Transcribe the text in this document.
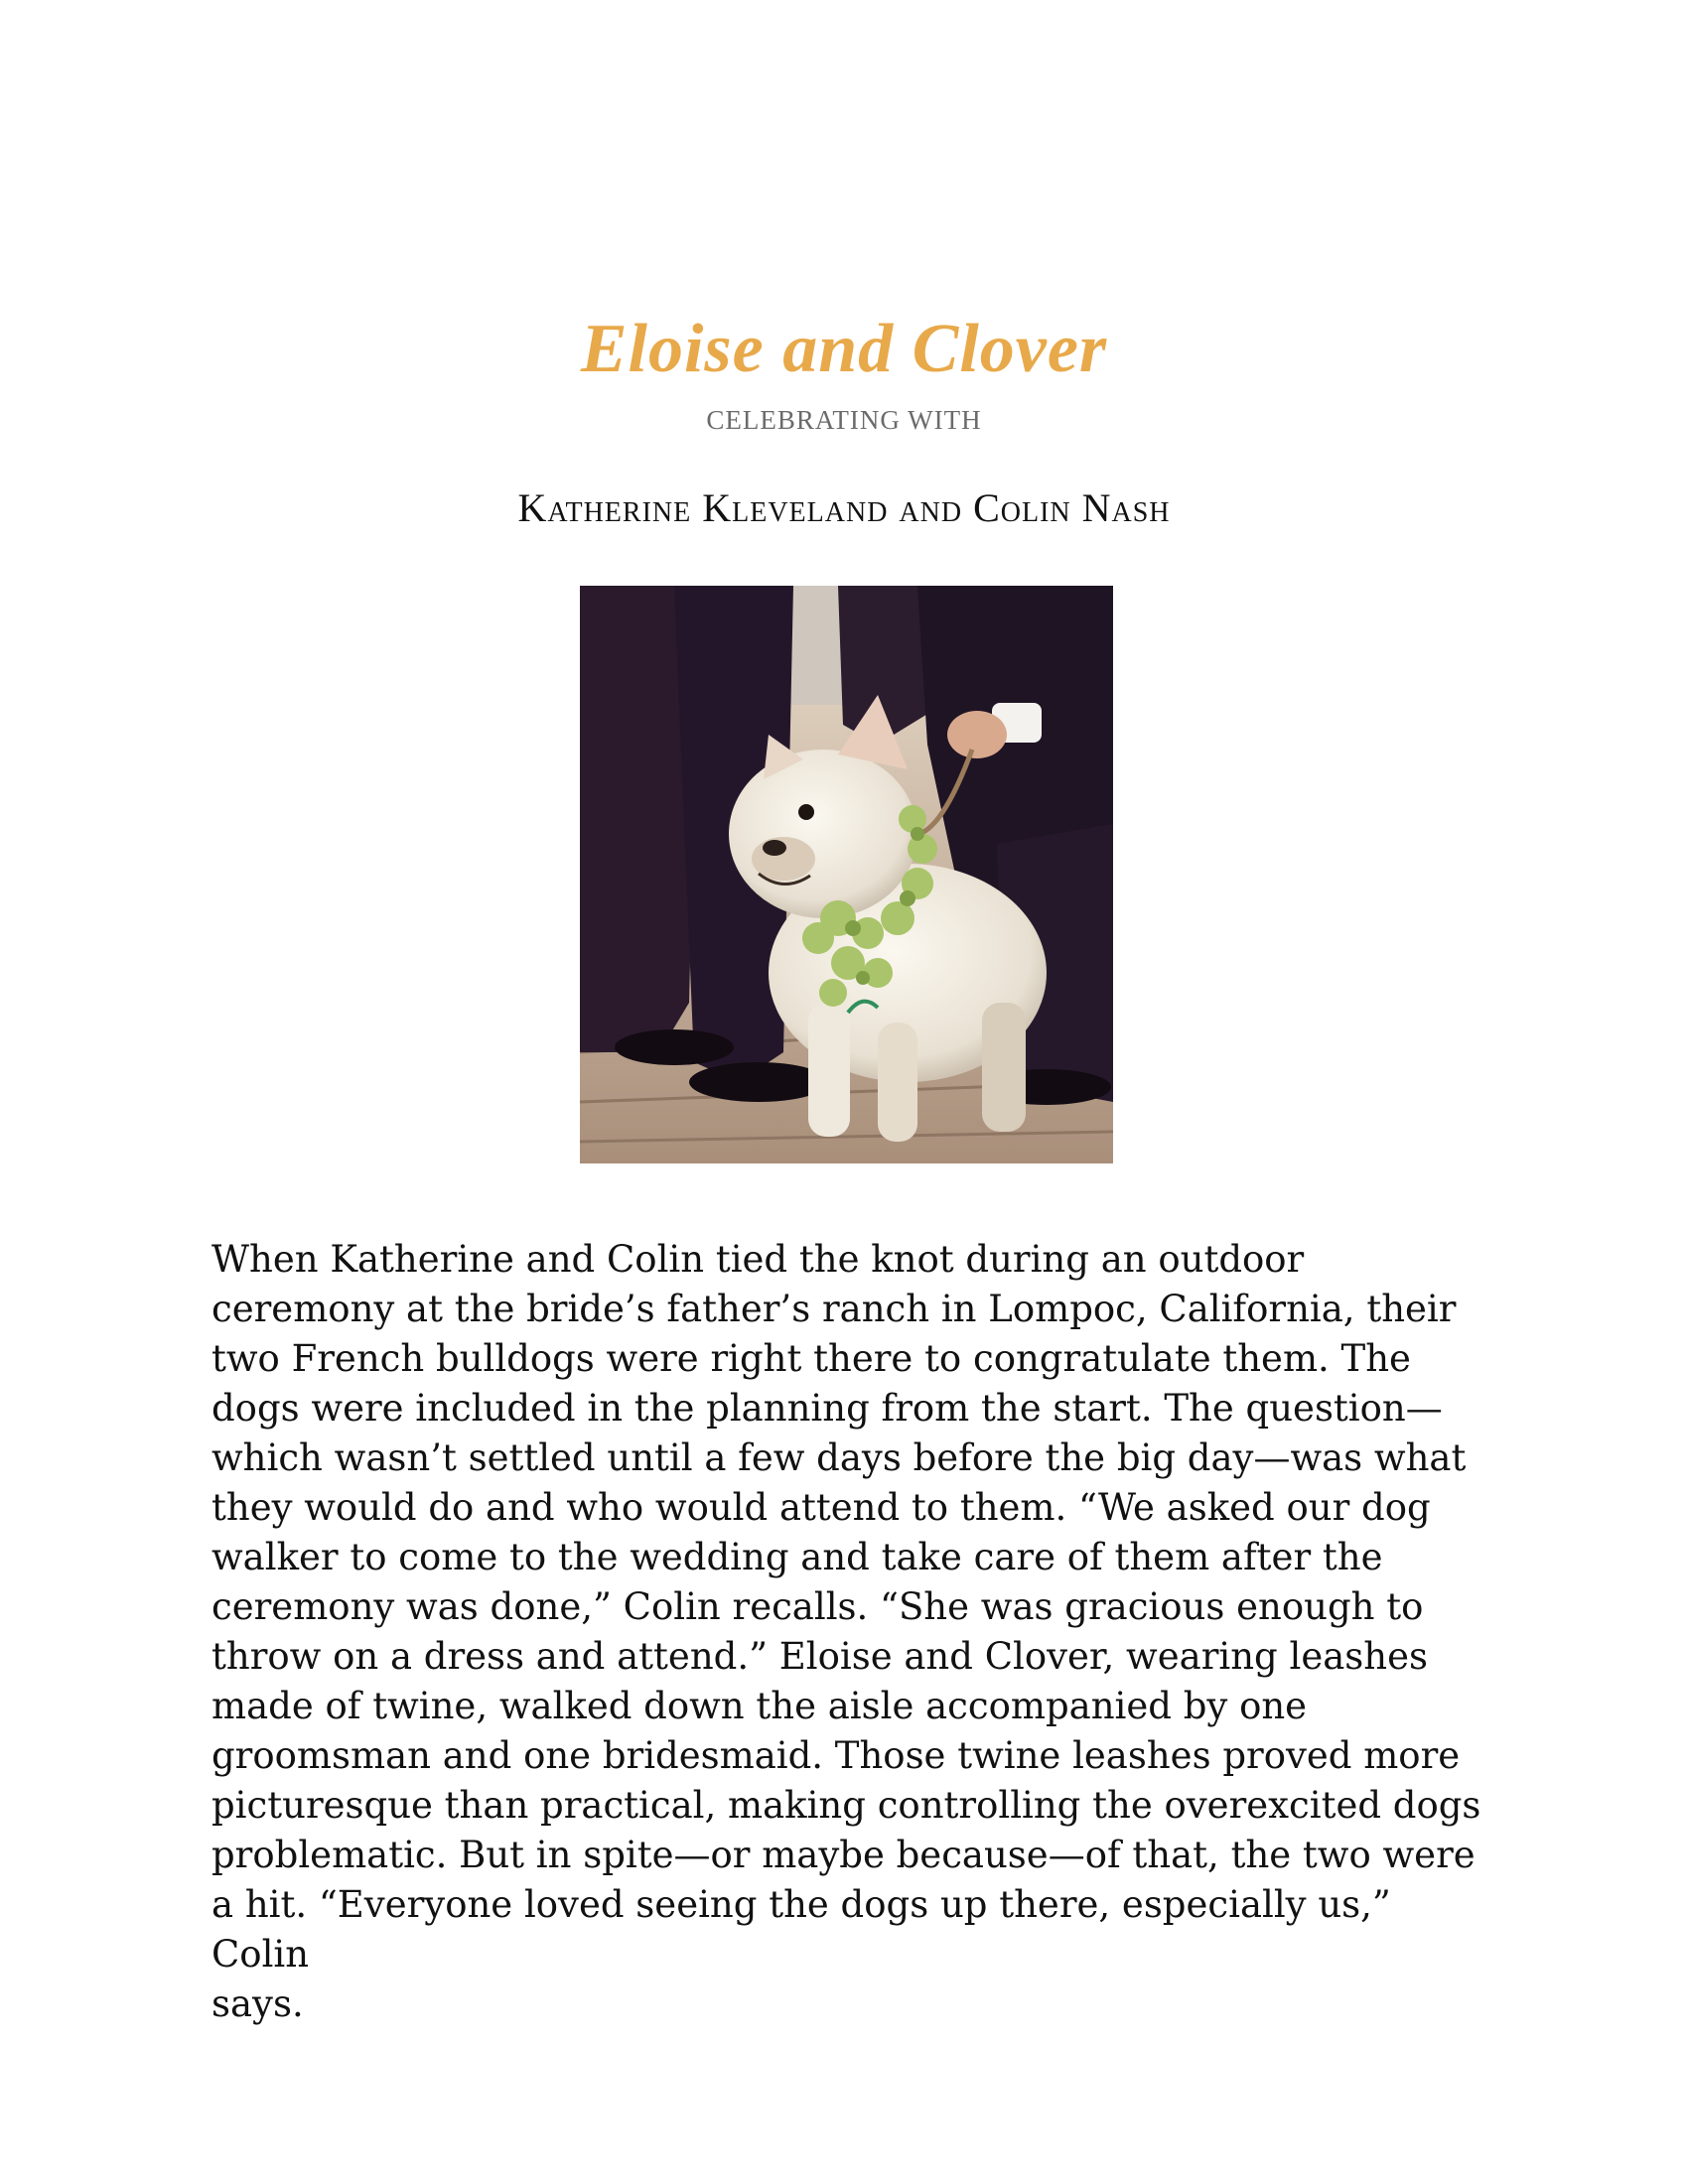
Eloise and Clover
CELEBRATING WITH
Katherine Kleveland and Colin Nash

When Katherine and Colin tied the knot during an outdoor
ceremony at the bride’s father’s ranch in Lompoc, California, their
two French bulldogs were right there to congratulate them. The
dogs were included in the planning from the start. The question—
which wasn’t settled until a few days before the big day—was what
they would do and who would attend to them. “We asked our dog
walker to come to the wedding and take care of them after the
ceremony was done,” Colin recalls. “She was gracious enough to
throw on a dress and attend.” Eloise and Clover, wearing leashes
made of twine, walked down the aisle accompanied by one
groomsman and one bridesmaid. Those twine leashes proved more
picturesque than practical, making controlling the overexcited dogs
problematic. But in spite—or maybe because—of that, the two were
a hit. “Everyone loved seeing the dogs up there, especially us,” Colin
says.
